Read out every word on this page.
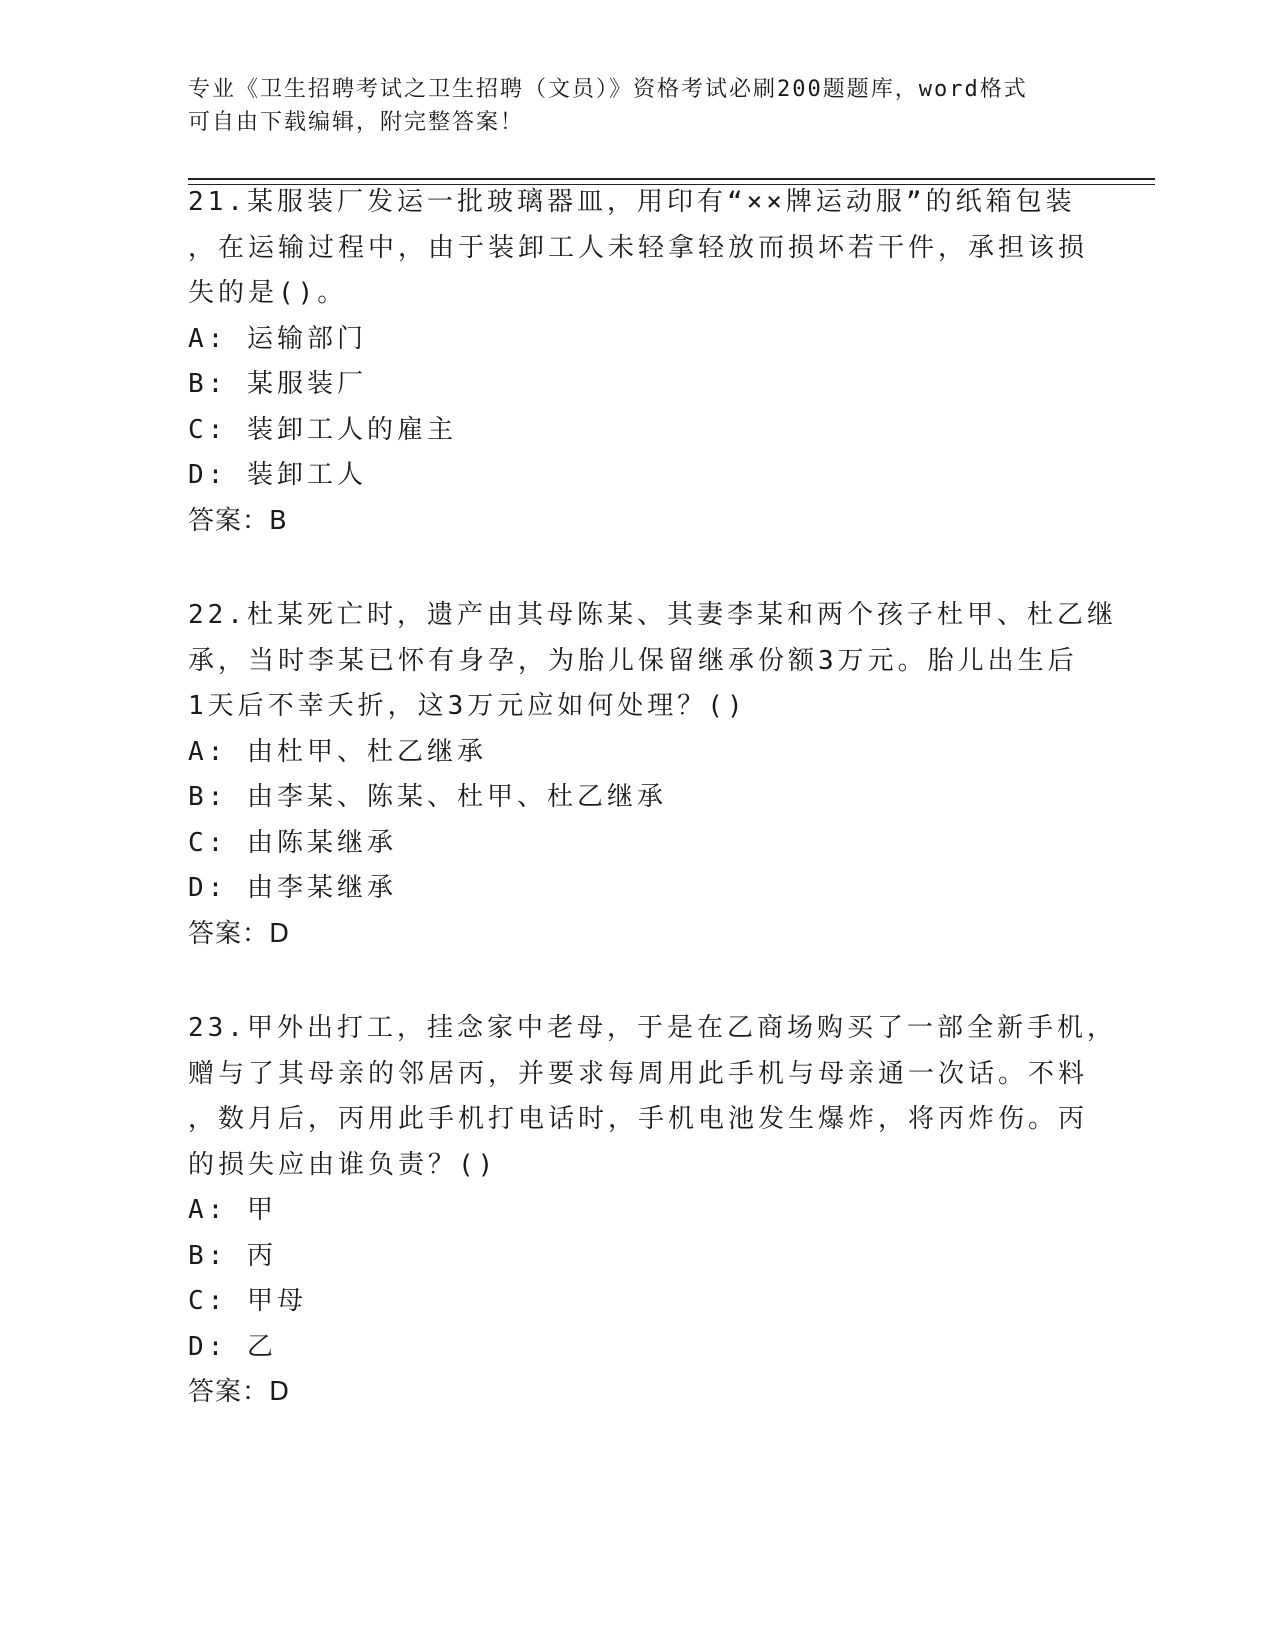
专业《卫生招聘考试之卫生招聘（文员）》资格考试必刷200题题库，word格式
可自由下载编辑，附完整答案！
21.某服装厂发运一批玻璃器皿，用印有“××牌运动服”的纸箱包装
，在运输过程中，由于装卸工人未轻拿轻放而损坏若干件，承担该损
失的是()。
A: 运输部门
B: 某服装厂
C: 装卸工人的雇主
D: 装卸工人
答案：B
22.杜某死亡时，遗产由其母陈某、其妻李某和两个孩子杜甲、杜乙继
承，当时李某已怀有身孕，为胎儿保留继承份额3万元。胎儿出生后
1天后不幸夭折，这3万元应如何处理？()
A: 由杜甲、杜乙继承
B: 由李某、陈某、杜甲、杜乙继承
C: 由陈某继承
D: 由李某继承
答案：D
23.甲外出打工，挂念家中老母，于是在乙商场购买了一部全新手机，
赠与了其母亲的邻居丙，并要求每周用此手机与母亲通一次话。不料
，数月后，丙用此手机打电话时，手机电池发生爆炸，将丙炸伤。丙
的损失应由谁负责？()
A: 甲
B: 丙
C: 甲母
D: 乙
答案：D
